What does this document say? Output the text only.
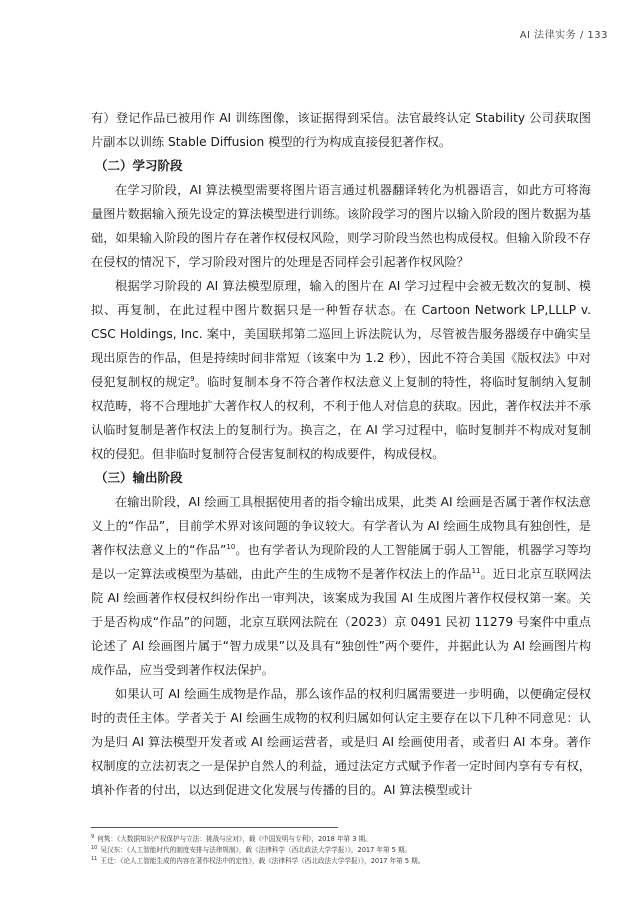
AI 法律实务 / 133

有）登记作品已被用作 AI 训练图像，该证据得到采信。法官最终认定 Stability 公司获取图片副本以训练 Stable Diffusion 模型的行为构成直接侵犯著作权。

（二）学习阶段

在学习阶段，AI 算法模型需要将图片语言通过机器翻译转化为机器语言，如此方可将海量图片数据输入预先设定的算法模型进行训练。该阶段学习的图片以输入阶段的图片数据为基础，如果输入阶段的图片存在著作权侵权风险，则学习阶段当然也构成侵权。但输入阶段不存在侵权的情况下，学习阶段对图片的处理是否同样会引起著作权风险？

根据学习阶段的 AI 算法模型原理，输入的图片在 AI 学习过程中会被无数次的复制、模拟、再复制，在此过程中图片数据只是一种暂存状态。在 Cartoon Network LP,LLLP v. CSC Holdings, Inc. 案中，美国联邦第二巡回上诉法院认为，尽管被告服务器缓存中确实呈现出原告的作品，但是持续时间非常短（该案中为 1.2 秒），因此不符合美国《版权法》中对侵犯复制权的规定$^9$。临时复制本身不符合著作权法意义上复制的特性，将临时复制纳入复制权范畴，将不合理地扩大著作权人的权利，不利于他人对信息的获取。因此，著作权法并不承认临时复制是著作权法上的复制行为。换言之，在 AI 学习过程中，临时复制并不构成对复制权的侵犯。但非临时复制符合侵害复制权的构成要件，构成侵权。

（三）输出阶段

在输出阶段，AI 绘画工具根据使用者的指令输出成果，此类 AI 绘画是否属于著作权法意义上的“作品”，目前学术界对该问题的争议较大。有学者认为 AI 绘画生成物具有独创性，是著作权法意义上的“作品”$^{10}$。也有学者认为现阶段的人工智能属于弱人工智能，机器学习等均是以一定算法或模型为基础，由此产生的生成物不是著作权法上的作品$^{11}$。近日北京互联网法院 AI 绘画著作权侵权纠纷作出一审判决，该案成为我国 AI 生成图片著作权侵权第一案。关于是否构成“作品”的问题，北京互联网法院在（2023）京 0491 民初 11279 号案件中重点论述了 AI 绘画图片属于“智力成果”以及具有“独创性”两个要件，并据此认为 AI 绘画图片构成作品，应当受到著作权法保护。

如果认可 AI 绘画生成物是作品，那么该作品的权利归属需要进一步明确，以便确定侵权时的责任主体。学者关于 AI 绘画生成物的权利归属如何认定主要存在以下几种不同意见：认为是归 AI 算法模型开发者或 AI 绘画运营者，或是归 AI 绘画使用者，或者归 AI 本身。著作权制度的立法初衷之一是保护自然人的利益，通过法定方式赋予作者一定时间内享有专有权，填补作者的付出，以达到促进文化发展与传播的目的。AI 算法模型或计

$^9$ 何隽：《大数据知识产权保护与立法：挑战与应对》，载《中国发明与专利》，2018 年第 3 期。

$^{10}$ 吴汉东：《人工智能时代的制度安排与法律规制》，载《法律科学（西北政法大学学报）》，2017 年第 5 期。

$^{11}$ 王迁：《论人工智能生成的内容在著作权法中的定性》，载《法律科学（西北政法大学学报）》，2017 年第 5 期。
